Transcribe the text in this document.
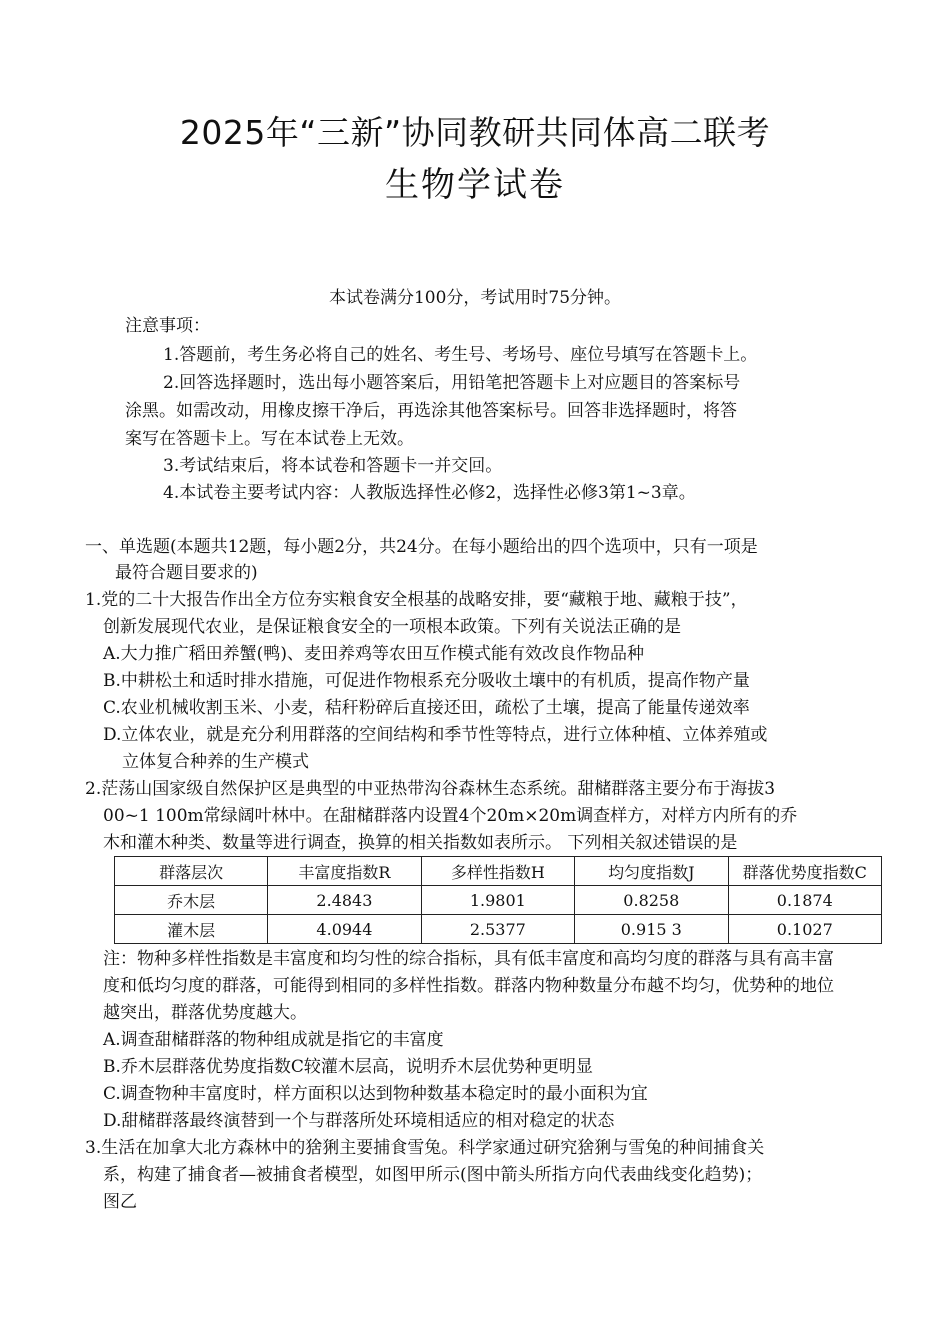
2025年“三新”协同教研共同体高二联考
生物学试卷
本试卷满分100分，考试用时75分钟。
注意事项：
1.答题前，考生务必将自己的姓名、考生号、考场号、座位号填写在答题卡上。
2.回答选择题时，选出每小题答案后，用铅笔把答题卡上对应题目的答案标号
涂黑。如需改动，用橡皮擦干净后，再选涂其他答案标号。回答非选择题时，将答
案写在答题卡上。写在本试卷上无效。
3.考试结束后，将本试卷和答题卡一并交回。
4.本试卷主要考试内容：人教版选择性必修2，选择性必修3第1~3章。
一、单选题(本题共12题，每小题2分，共24分。在每小题给出的四个选项中，只有一项是
最符合题目要求的)
1.党的二十大报告作出全方位夯实粮食安全根基的战略安排，要“藏粮于地、藏粮于技”，
创新发展现代农业，是保证粮食安全的一项根本政策。下列有关说法正确的是
A.大力推广稻田养蟹(鸭)、麦田养鸡等农田互作模式能有效改良作物品种
B.中耕松土和适时排水措施，可促进作物根系充分吸收土壤中的有机质，提高作物产量
C.农业机械收割玉米、小麦，秸秆粉碎后直接还田，疏松了土壤，提高了能量传递效率
D.立体农业，就是充分利用群落的空间结构和季节性等特点，进行立体种植、立体养殖或
立体复合种养的生产模式
2.茫荡山国家级自然保护区是典型的中亚热带沟谷森林生态系统。甜槠群落主要分布于海拔3
00~1 100m常绿阔叶林中。在甜槠群落内设置4个20m×20m调查样方，对样方内所有的乔
木和灌木种类、数量等进行调查，换算的相关指数如表所示。 下列相关叙述错误的是
群落层次	丰富度指数R	多样性指数H	均匀度指数J	群落优势度指数C
乔木层	2.4843	1.9801	0.8258	0.1874
灌木层	4.0944	2.5377	0.915 3	0.1027
注：物种多样性指数是丰富度和均匀性的综合指标，具有低丰富度和高均匀度的群落与具有高丰富
度和低均匀度的群落，可能得到相同的多样性指数。群落内物种数量分布越不均匀，优势种的地位
越突出，群落优势度越大。
A.调查甜槠群落的物种组成就是指它的丰富度
B.乔木层群落优势度指数C较灌木层高，说明乔木层优势种更明显
C.调查物种丰富度时，样方面积以达到物种数基本稳定时的最小面积为宜
D.甜槠群落最终演替到一个与群落所处环境相适应的相对稳定的状态
3.生活在加拿大北方森林中的猞猁主要捕食雪兔。科学家通过研究猞猁与雪兔的种间捕食关
系，构建了捕食者—被捕食者模型，如图甲所示(图中箭头所指方向代表曲线变化趋势)；
图乙
